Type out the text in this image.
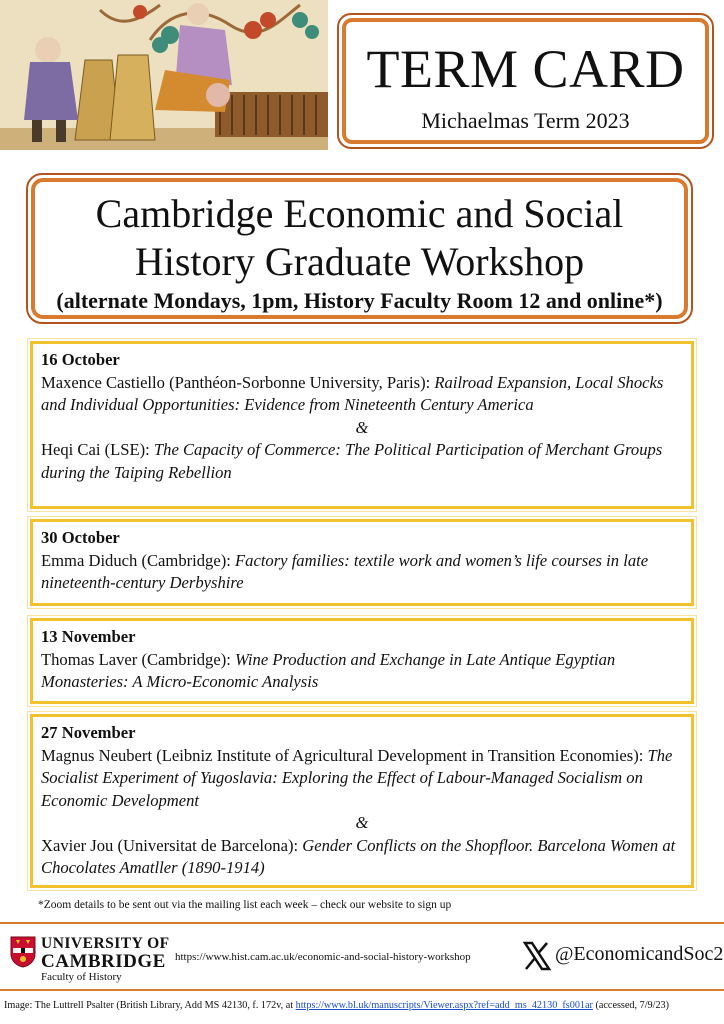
TERM CARD
Michaelmas Term 2023
Cambridge Economic and Social
History Graduate Workshop
(alternate Mondays, 1pm, History Faculty Room 12 and online*)
16 October
Maxence Castiello (Panthéon-Sorbonne University, Paris): Railroad Expansion, Local Shocks and Individual Opportunities: Evidence from Nineteenth Century America
&
Heqi Cai (LSE): The Capacity of Commerce: The Political Participation of Merchant Groups during the Taiping Rebellion
30 October
Emma Diduch (Cambridge): Factory families: textile work and women’s life courses in late nineteenth-century Derbyshire
13 November
Thomas Laver (Cambridge): Wine Production and Exchange in Late Antique Egyptian Monasteries: A Micro-Economic Analysis
27 November
Magnus Neubert (Leibniz Institute of Agricultural Development in Transition Economies): The Socialist Experiment of Yugoslavia: Exploring the Effect of Labour-Managed Socialism on Economic Development
&
Xavier Jou (Universitat de Barcelona): Gender Conflicts on the Shopfloor. Barcelona Women at Chocolates Amatller (1890-1914)
*Zoom details to be sent out via the mailing list each week – check our website to sign up
UNIVERSITY OF
CAMBRIDGE
Faculty of History
https://www.hist.cam.ac.uk/economic-and-social-history-workshop	@EconomicandSoc2
Image: The Luttrell Psalter (British Library, Add MS 42130, f. 172v, at https://www.bl.uk/manuscripts/Viewer.aspx?ref=add_ms_42130_fs001ar (accessed, 7/9/23)
